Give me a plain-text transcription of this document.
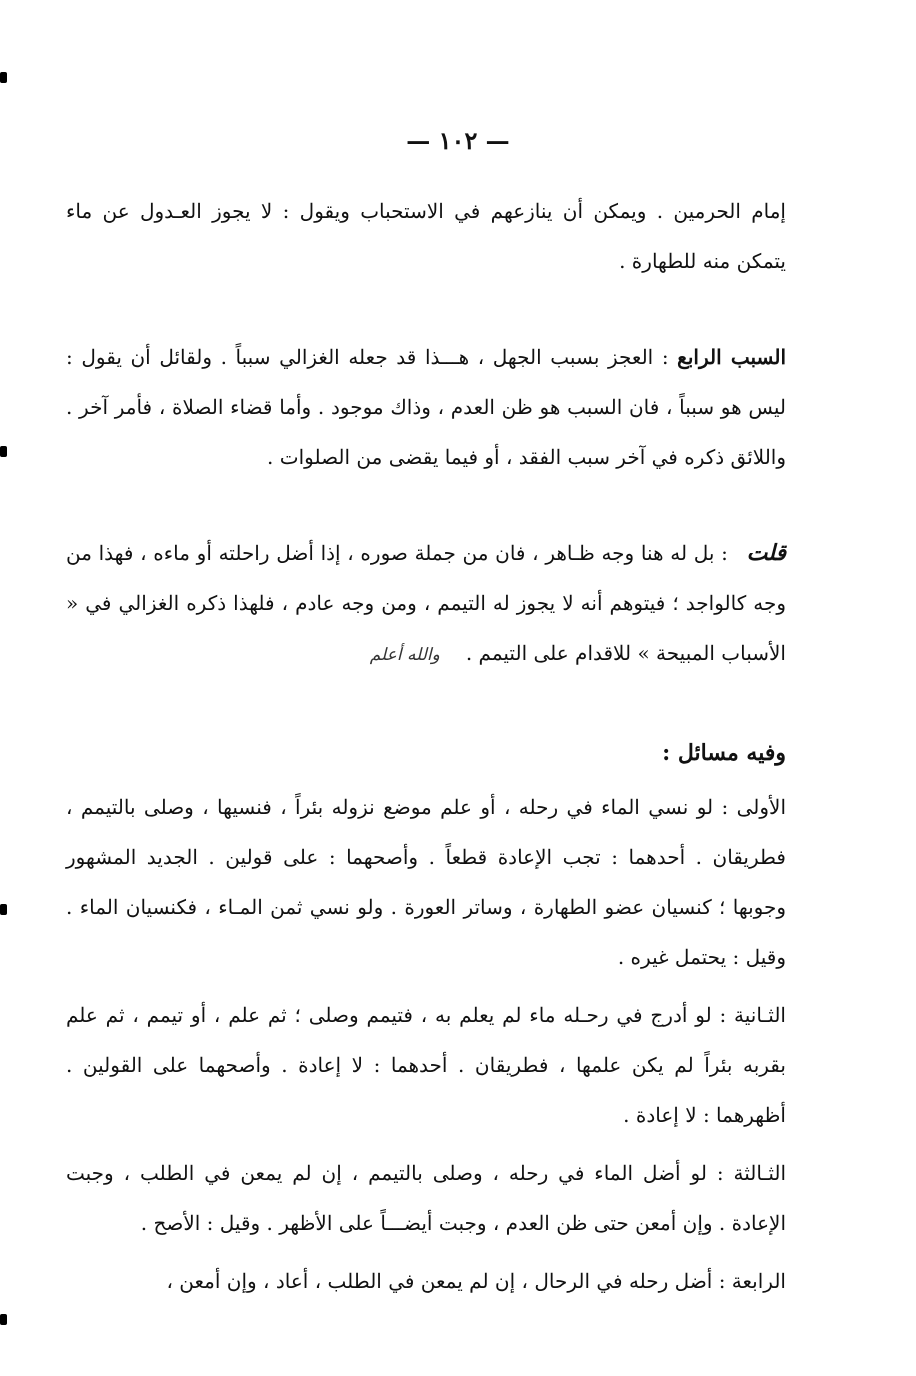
— ١٠٢ —

إمام الحرمين . ويمكن أن ينازعهم في الاستحباب ويقول : لا يجوز العـدول عن ماء يتمكن منه للطهارة .

السبب الرابع : العجز بسبب الجهل ، هـــذا قد جعله الغزالي سبباً . ولقائل أن يقول : ليس هو سبباً ، فان السبب هو ظن العدم ، وذاك موجود . وأما قضاء الصلاة ، فأمر آخر . واللائق ذكره في آخر سبب الفقد ، أو فيما يقضى من الصلوات .

قلت : بل له هنا وجه ظـاهر ، فان من جملة صوره ، إذا أضل راحلته أو ماءه ، فهذا من وجه كالواجد ؛ فيتوهم أنه لا يجوز له التيمم ، ومن وجه عادم ، فلهذا ذكره الغزالي في « الأسباب المبيحة » للاقدام على التيمم .والله أعلم

وفيه مسائل :

الأولى : لو نسي الماء في رحله ، أو علم موضع نزوله بئراً ، فنسيها ، وصلى بالتيمم ، فطريقان . أحدهما : تجب الإعادة قطعاً . وأصحهما : على قولين . الجديد المشهور وجوبها ؛ كنسيان عضو الطهارة ، وساتر العورة . ولو نسي ثمن المـاء ، فكنسيان الماء . وقيل : يحتمل غيره .

الثـانية : لو أدرج في رحـله ماء لم يعلم به ، فتيمم وصلى ؛ ثم علم ، أو تيمم ، ثم علم بقربه بئراً لم يكن علمها ، فطريقان . أحدهما : لا إعادة . وأصحهما على القولين . أظهرهما : لا إعادة .

الثـالثة : لو أضل الماء في رحله ، وصلى بالتيمم ، إن لم يمعن في الطلب ، وجبت الإعادة . وإن أمعن حتى ظن العدم ، وجبت أيضـــاً على الأظهر . وقيل : الأصح .

الرابعة : أضل رحله في الرحال ، إن لم يمعن في الطلب ، أعاد ، وإن أمعن ،
